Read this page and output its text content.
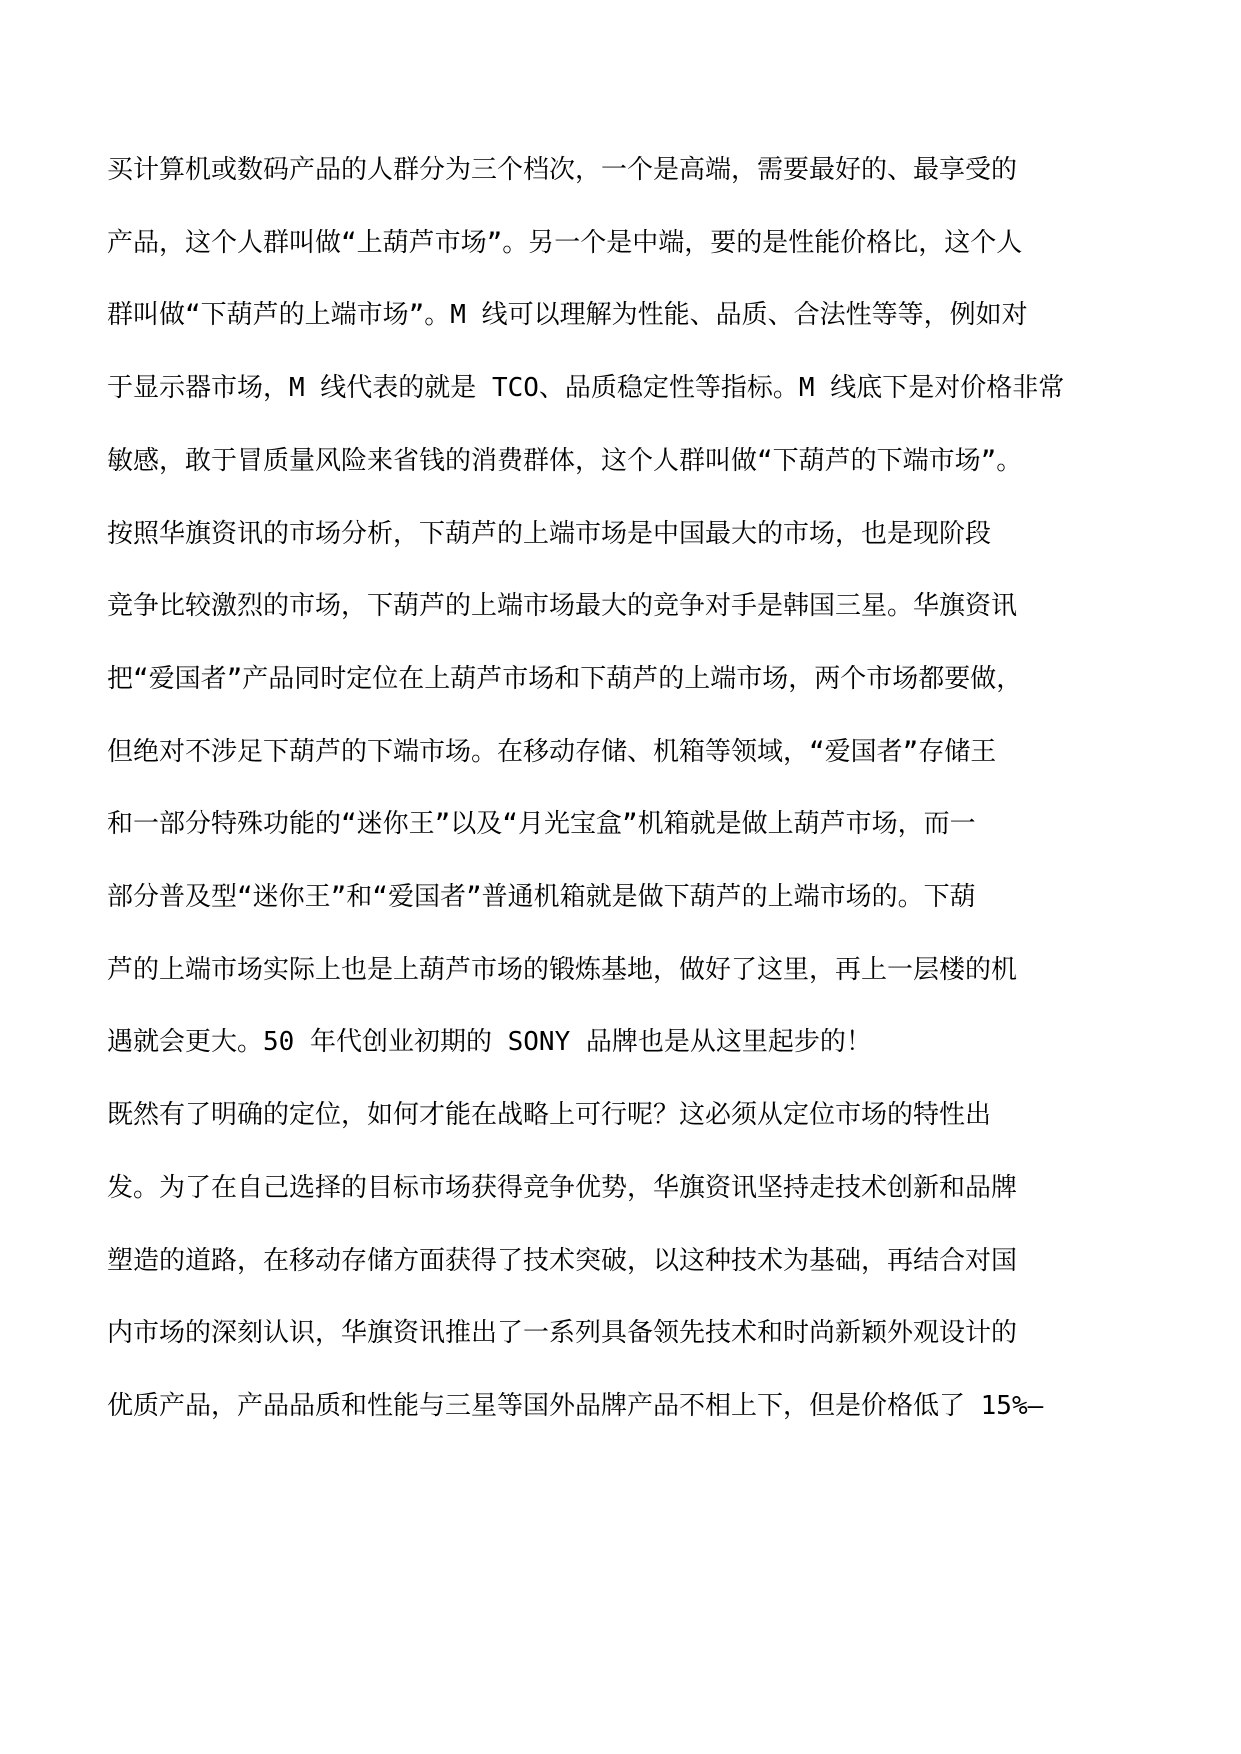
买计算机或数码产品的人群分为三个档次，一个是高端，需要最好的、最享受的
产品，这个人群叫做“上葫芦市场”。另一个是中端，要的是性能价格比，这个人
群叫做“下葫芦的上端市场”。M 线可以理解为性能、品质、合法性等等，例如对
于显示器市场，M 线代表的就是 TCO、品质稳定性等指标。M 线底下是对价格非常
敏感，敢于冒质量风险来省钱的消费群体，这个人群叫做“下葫芦的下端市场”。
按照华旗资讯的市场分析，下葫芦的上端市场是中国最大的市场，也是现阶段
竞争比较激烈的市场，下葫芦的上端市场最大的竞争对手是韩国三星。华旗资讯
把“爱国者”产品同时定位在上葫芦市场和下葫芦的上端市场，两个市场都要做，
但绝对不涉足下葫芦的下端市场。在移动存储、机箱等领域，“爱国者”存储王
和一部分特殊功能的“迷你王”以及“月光宝盒”机箱就是做上葫芦市场，而一
部分普及型“迷你王”和“爱国者”普通机箱就是做下葫芦的上端市场的。下葫
芦的上端市场实际上也是上葫芦市场的锻炼基地，做好了这里，再上一层楼的机
遇就会更大。50 年代创业初期的 SONY 品牌也是从这里起步的！
既然有了明确的定位，如何才能在战略上可行呢？这必须从定位市场的特性出
发。为了在自己选择的目标市场获得竞争优势，华旗资讯坚持走技术创新和品牌
塑造的道路，在移动存储方面获得了技术突破，以这种技术为基础，再结合对国
内市场的深刻认识，华旗资讯推出了一系列具备领先技术和时尚新颖外观设计的
优质产品，产品品质和性能与三星等国外品牌产品不相上下，但是价格低了 15%—
